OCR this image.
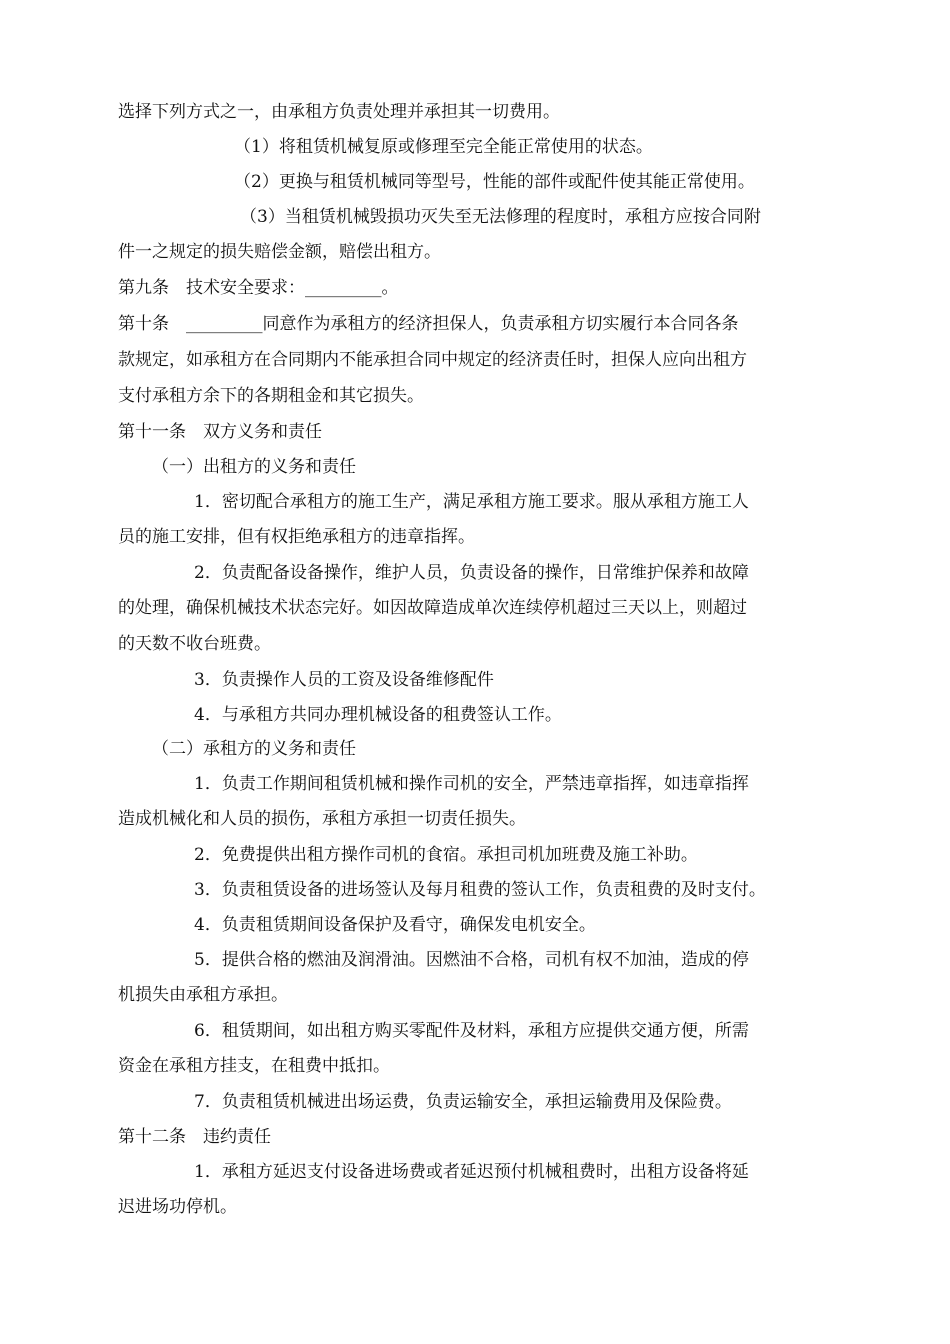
选择下列方式之一，由承租方负责处理并承担其一切费用。
（1）将租赁机械复原或修理至完全能正常使用的状态。
（2）更换与租赁机械同等型号，性能的部件或配件使其能正常使用。
（3）当租赁机械毁损功灭失至无法修理的程度时，承租方应按合同附
件一之规定的损失赔偿金额，赔偿出租方。
第九条　技术安全要求：_________。
第十条　_________同意作为承租方的经济担保人，负责承租方切实履行本合同各条
款规定，如承租方在合同期内不能承担合同中规定的经济责任时，担保人应向出租方
支付承租方余下的各期租金和其它损失。
第十一条　双方义务和责任
（一）出租方的义务和责任
1．密切配合承租方的施工生产，满足承租方施工要求。服从承租方施工人
员的施工安排，但有权拒绝承租方的违章指挥。
2．负责配备设备操作，维护人员，负责设备的操作，日常维护保养和故障
的处理，确保机械技术状态完好。如因故障造成单次连续停机超过三天以上，则超过
的天数不收台班费。
3．负责操作人员的工资及设备维修配件
4．与承租方共同办理机械设备的租费签认工作。
（二）承租方的义务和责任
1．负责工作期间租赁机械和操作司机的安全，严禁违章指挥，如违章指挥
造成机械化和人员的损伤，承租方承担一切责任损失。
2．免费提供出租方操作司机的食宿。承担司机加班费及施工补助。
3．负责租赁设备的进场签认及每月租费的签认工作，负责租费的及时支付。
4．负责租赁期间设备保护及看守，确保发电机安全。
5．提供合格的燃油及润滑油。因燃油不合格，司机有权不加油，造成的停
机损失由承租方承担。
6．租赁期间，如出租方购买零配件及材料，承租方应提供交通方便，所需
资金在承租方挂支，在租费中抵扣。
7．负责租赁机械进出场运费，负责运输安全，承担运输费用及保险费。
第十二条　违约责任
1．承租方延迟支付设备进场费或者延迟预付机械租费时，出租方设备将延
迟进场功停机。
